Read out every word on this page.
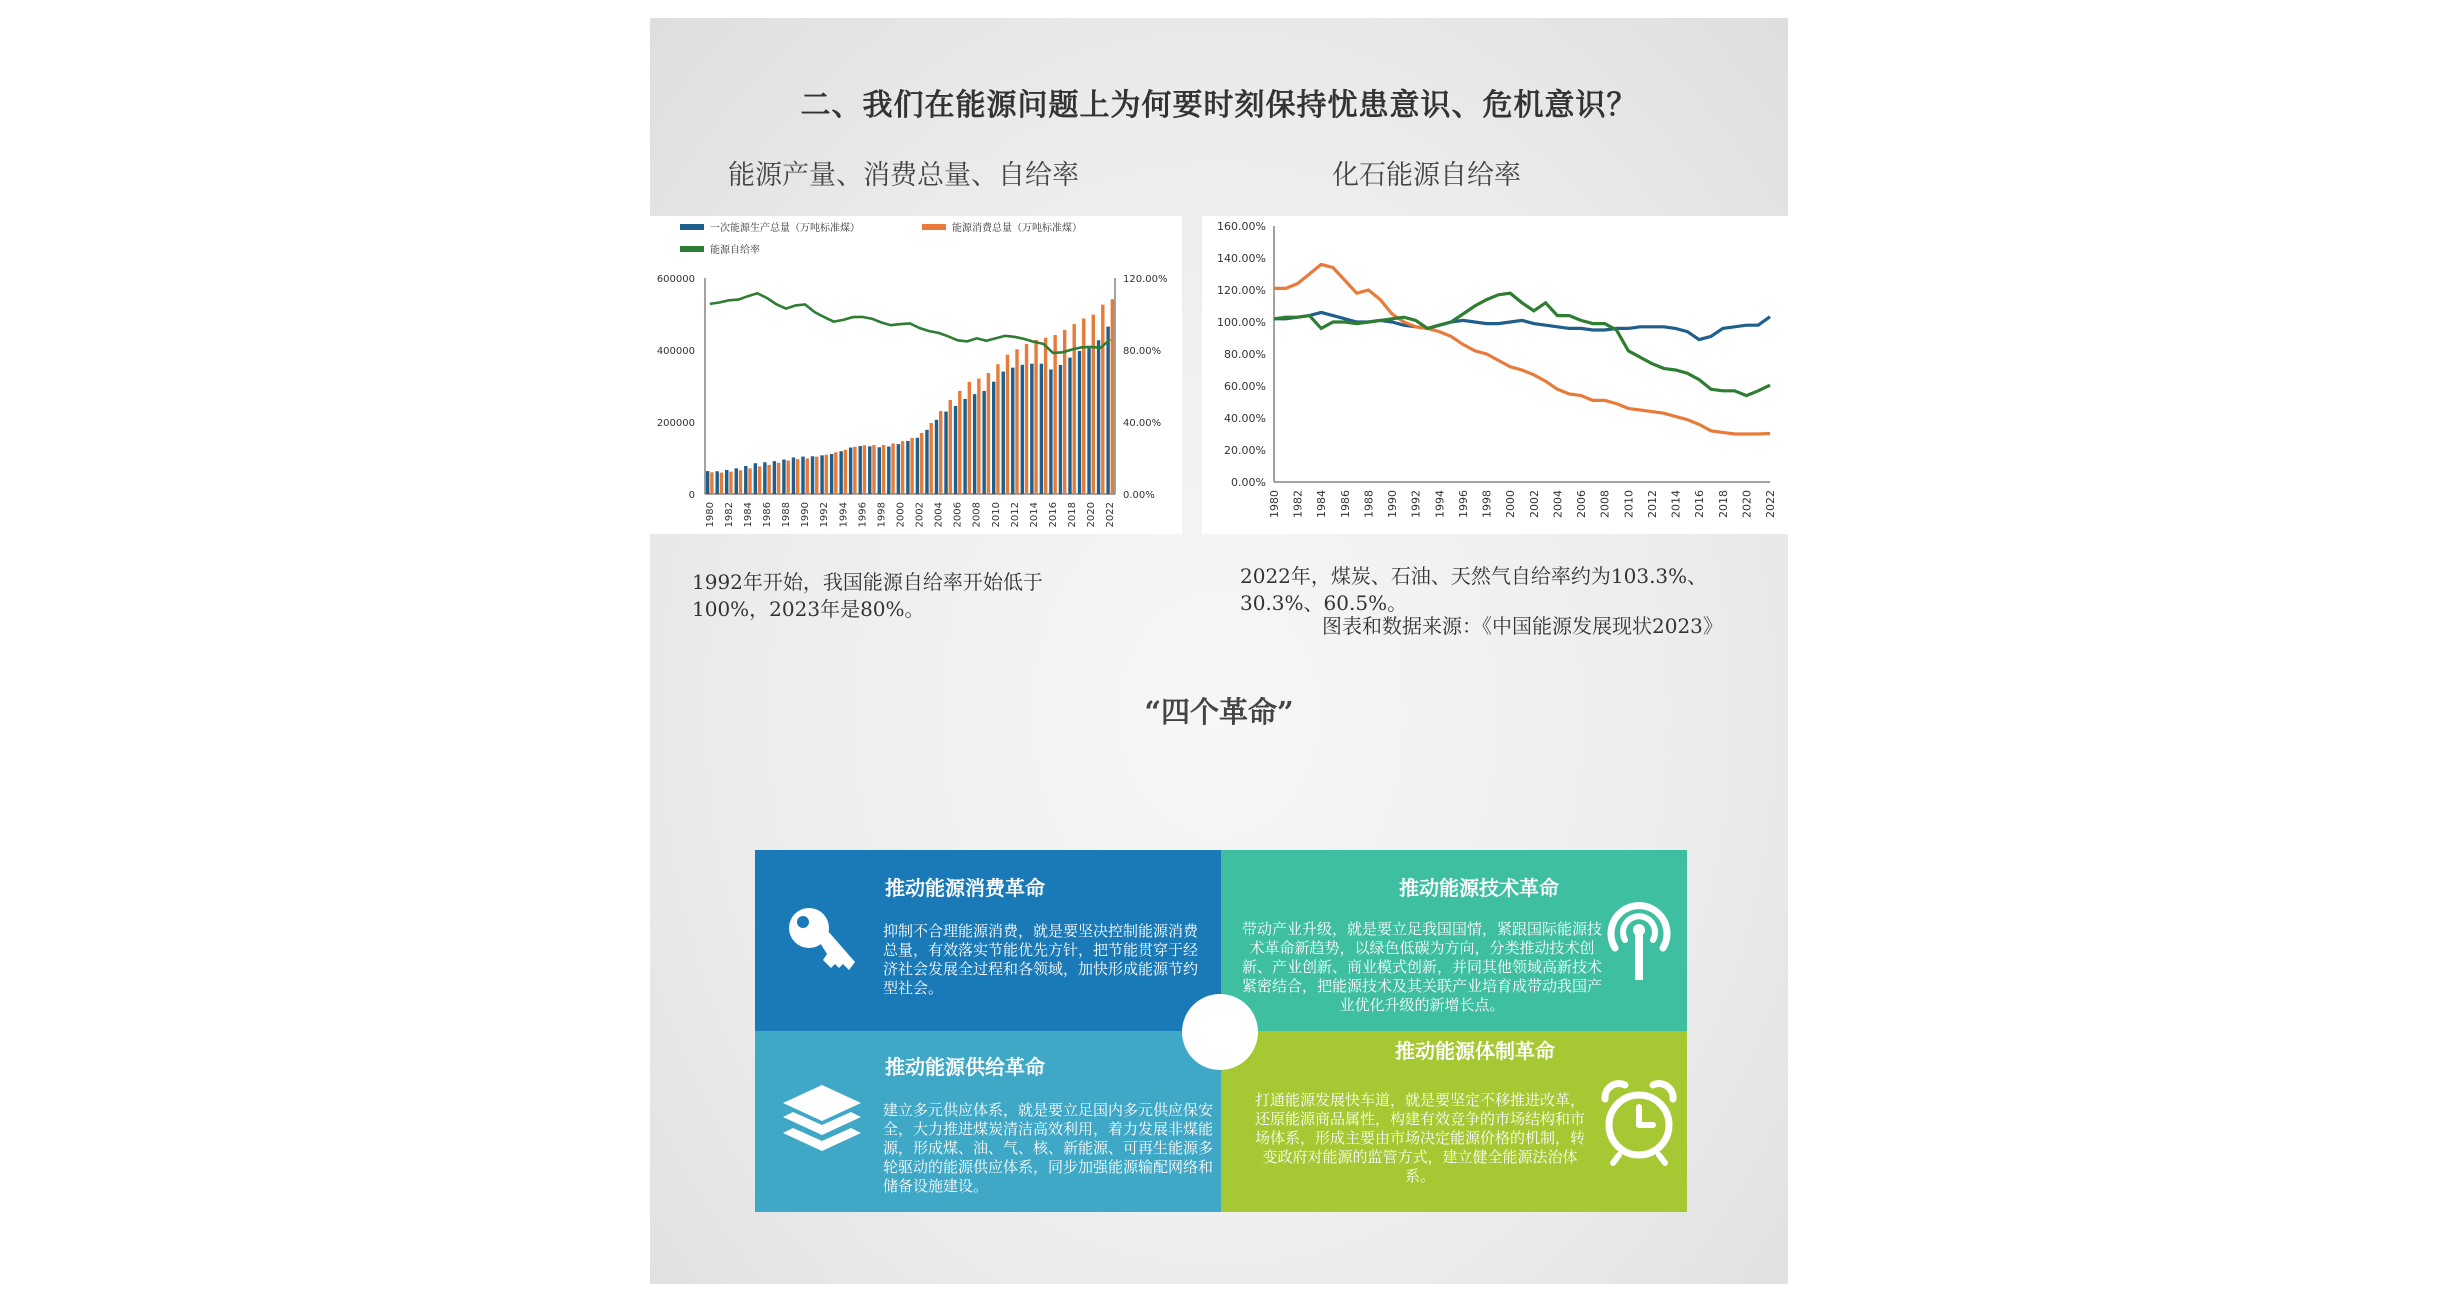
二、我们在能源问题上为何要时刻保持忧患意识、危机意识？
能源产量、消费总量、自给率	化石能源自给率
一次能源生产总量（万吨标准煤）	能源消费总量（万吨标准煤）
能源自给率
0
200000
400000
600000
0.00%
40.00%
80.00%
120.00%
1980 1982 1984 1986 1988 1990 1992 1994 1996 1998 2000 2002 2004 2006 2008 2010 2012 2014 2016 2018 2020 2022
0.00%
20.00%
40.00%
60.00%
80.00%
100.00%
120.00%
140.00%
160.00%
1980 1982 1984 1986 1988 1990 1992 1994 1996 1998 2000 2002 2004 2006 2008 2010 2012 2014 2016 2018 2020 2022
1992年开始，我国能源自给率开始低于100%，2023年是80%。
2022年，煤炭、石油、天然气自给率约为103.3%、30.3%、60.5%。
图表和数据来源：《中国能源发展现状2023》
“四个革命”
推动能源消费革命
抑制不合理能源消费，就是要坚决控制能源消费总量，有效落实节能优先方针，把节能贯穿于经济社会发展全过程和各领域，加快形成能源节约型社会。
推动能源技术革命
带动产业升级，就是要立足我国国情，紧跟国际能源技术革命新趋势，以绿色低碳为方向，分类推动技术创新、产业创新、商业模式创新，并同其他领域高新技术紧密结合，把能源技术及其关联产业培育成带动我国产业优化升级的新增长点。
推动能源供给革命
建立多元供应体系，就是要立足国内多元供应保安全，大力推进煤炭清洁高效利用，着力发展非煤能源，形成煤、油、气、核、新能源、可再生能源多轮驱动的能源供应体系，同步加强能源输配网络和储备设施建设。
推动能源体制革命
打通能源发展快车道，就是要坚定不移推进改革，还原能源商品属性，构建有效竞争的市场结构和市场体系，形成主要由市场决定能源价格的机制，转变政府对能源的监管方式，建立健全能源法治体系。
